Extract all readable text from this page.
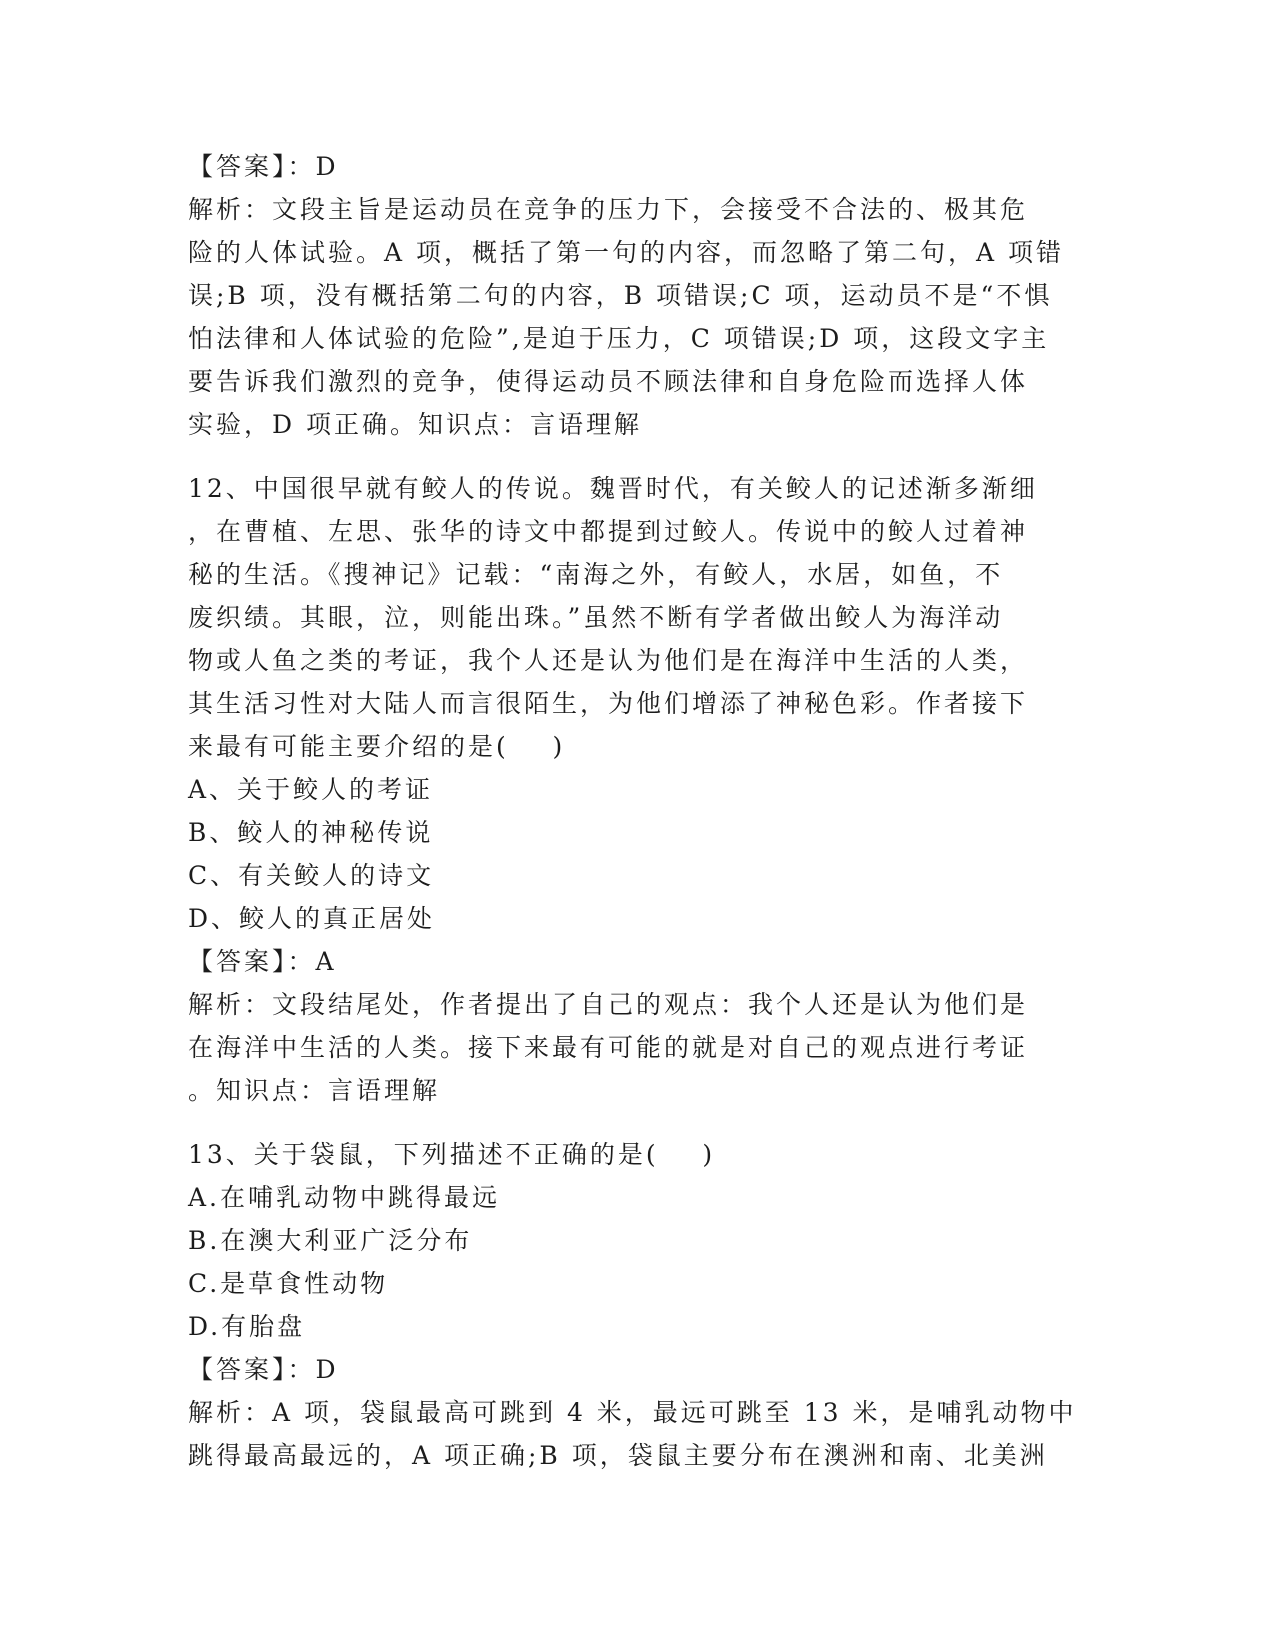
【答案】：D
解析：文段主旨是运动员在竞争的压力下，会接受不合法的、极其危
险的人体试验。A 项，概括了第一句的内容，而忽略了第二句，A 项错
误;B 项，没有概括第二句的内容，B 项错误;C 项，运动员不是“不惧
怕法律和人体试验的危险”,是迫于压力，C 项错误;D 项，这段文字主
要告诉我们激烈的竞争，使得运动员不顾法律和自身危险而选择人体
实验，D 项正确。知识点：言语理解
12、中国很早就有鲛人的传说。魏晋时代，有关鲛人的记述渐多渐细
，在曹植、左思、张华的诗文中都提到过鲛人。传说中的鲛人过着神
秘的生活。《搜神记》记载：“南海之外，有鲛人，水居，如鱼，不
废织绩。其眼，泣，则能出珠。”虽然不断有学者做出鲛人为海洋动
物或人鱼之类的考证，我个人还是认为他们是在海洋中生活的人类，
其生活习性对大陆人而言很陌生，为他们增添了神秘色彩。作者接下
来最有可能主要介绍的是(    )
A、关于鲛人的考证
B、鲛人的神秘传说
C、有关鲛人的诗文
D、鲛人的真正居处
【答案】：A
解析：文段结尾处，作者提出了自己的观点：我个人还是认为他们是
在海洋中生活的人类。接下来最有可能的就是对自己的观点进行考证
。知识点：言语理解
13、关于袋鼠，下列描述不正确的是(    )
A.在哺乳动物中跳得最远
B.在澳大利亚广泛分布
C.是草食性动物
D.有胎盘
【答案】：D
解析：A 项，袋鼠最高可跳到 4 米，最远可跳至 13 米，是哺乳动物中
跳得最高最远的，A 项正确;B 项，袋鼠主要分布在澳洲和南、北美洲
